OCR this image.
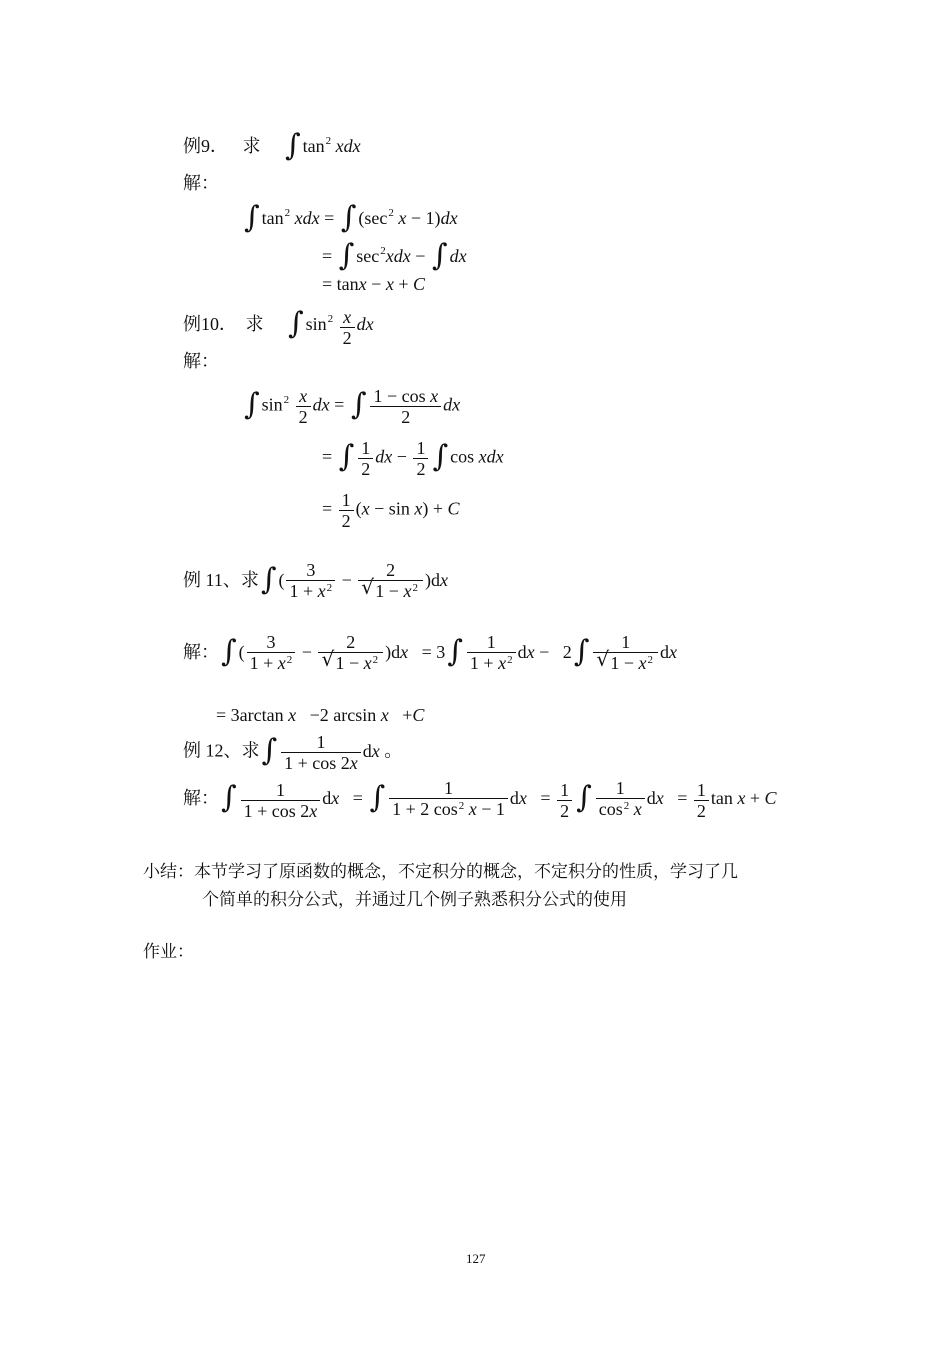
例9． 求 ∫ $\tan^2$ xdx
解：
∫ $\tan^2$ xdx = ∫ ($\sec^2$ x − 1)dx
= ∫ $\sec^2xdx$ − ∫ dx
= tanx − x + C
例10． 求 ∫ $\sin^2 \frac{x}{2}$ dx
解：
∫ $\sin^2 \frac{x}{2}$ dx = ∫ $\frac{\text{1 − cos x}}{2}$ dx
= ∫ $\frac{1}{2}$ dx − $\frac{1}{2}$ ∫ cos xdx
= $\frac{1}{2} (x - \sin x) + C$
例 11、求∫ ( $\frac{3}{1 + x^2} - \frac{2}{√ 1 - x^2} )dx$
解：∫ ( $\frac{3}{1 + x^2} - \frac{2}{√ 1 - x^2} )dx = 3\int \frac{1}{1 + x^2}$ dx −   $2\int \frac{1}{√ 1 - x^2}$ dx
= 3arctan x   −2 arcsin x   +C
例 12、求∫ $\frac{1}{1 + \cos 2x}$ dx 。
解：∫ $\frac{1}{1 + \cos 2x}$ dx   = ∫ $\frac{1}{1 + 2 \cos^2 x - 1}$ dx   = $\frac{1}{2}$ ∫ $\frac{1}{\cos^2 x}$ dx   = $\frac{1}{2}$ tan x + C
小结：本节学习了原函数的概念，不定积分的概念，不定积分的性质，学习了几
个简单的积分公式，并通过几个例子熟悉积分公式的使用
作业：
127
